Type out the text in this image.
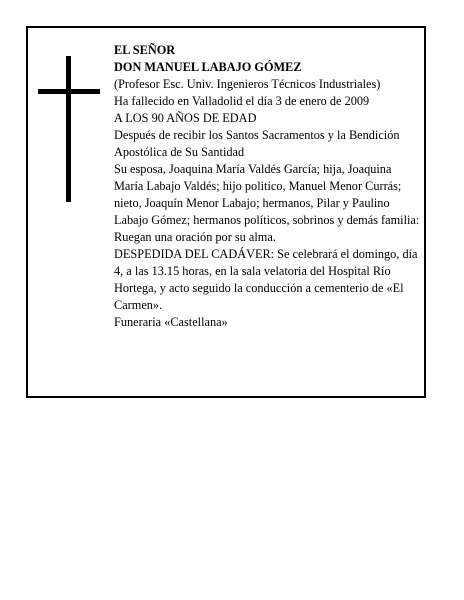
EL SEÑOR

DON MANUEL LABAJO GÓMEZ

(Profesor Esc. Univ. Ingenieros Técnicos Industriales)

Ha fallecido en Valladolid el día 3 de enero de 2009

A LOS 90 AÑOS DE EDAD

Después de recibir los Santos Sacramentos y la Bendición Apostólica de Su Santidad

Su esposa, Joaquina María Valdés García; hija, Joaquina María Labajo Valdés; hijo politico, Manuel Menor Currás; nieto, Joaquín Menor Labajo; hermanos, Pilar y Paulino Labajo Gómez; hermanos políticos, sobrinos y demás familia:

Ruegan una oración por su alma.

DESPEDIDA DEL CADÁVER: Se celebrará el domingo, día 4, a las 13.15 horas, en la sala velatoria del Hospital Río Hortega, y acto seguido la conducción a cementerio de «El Carmen».

Funeraria «Castellana»
